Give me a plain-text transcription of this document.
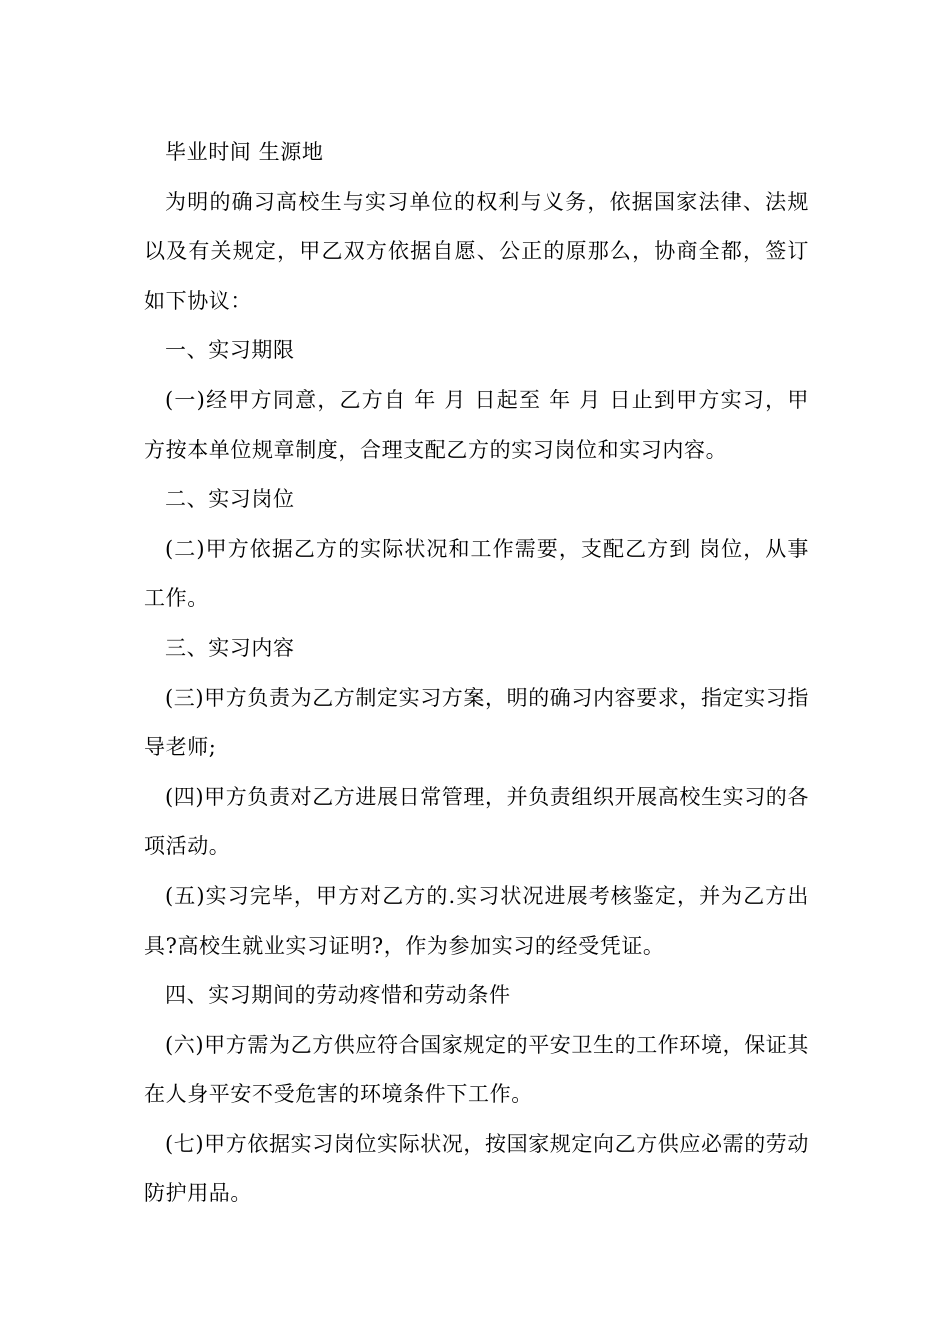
毕业时间 生源地

为明的确习高校生与实习单位的权利与义务，依据国家法律、法规以及有关规定，甲乙双方依据自愿、公正的原那么，协商全都，签订如下协议：

一、实习期限

(一)经甲方同意，乙方自 年 月 日起至 年 月 日止到甲方实习，甲方按本单位规章制度，合理支配乙方的实习岗位和实习内容。

二、实习岗位

(二)甲方依据乙方的实际状况和工作需要，支配乙方到 岗位，从事 工作。

三、实习内容

(三)甲方负责为乙方制定实习方案，明的确习内容要求，指定实习指导老师;

(四)甲方负责对乙方进展日常管理，并负责组织开展高校生实习的各项活动。

(五)实习完毕，甲方对乙方的.实习状况进展考核鉴定，并为乙方出具?高校生就业实习证明?，作为参加实习的经受凭证。

四、实习期间的劳动疼惜和劳动条件

(六)甲方需为乙方供应符合国家规定的平安卫生的工作环境，保证其在人身平安不受危害的环境条件下工作。

(七)甲方依据实习岗位实际状况，按国家规定向乙方供应必需的劳动防护用品。
